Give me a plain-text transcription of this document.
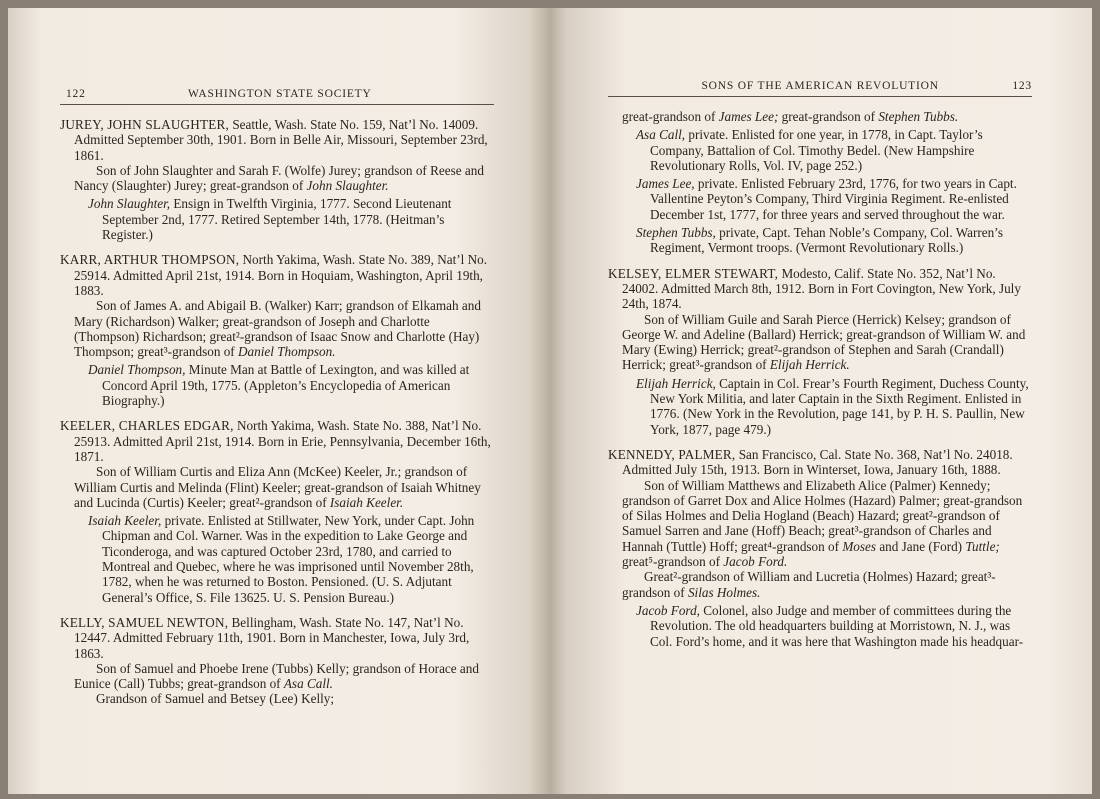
122	WASHINGTON STATE SOCIETY

JUREY, JOHN SLAUGHTER, Seattle, Wash. State No. 159, Nat’l No. 14009. Admitted September 30th, 1901. Born in Belle Air, Missouri, September 23rd, 1861.

Son of John Slaughter and Sarah F. (Wolfe) Jurey; grandson of Reese and Nancy (Slaughter) Jurey; great-grandson of John Slaughter.

John Slaughter, Ensign in Twelfth Virginia, 1777. Second Lieutenant September 2nd, 1777. Retired September 14th, 1778. (Heitman’s Register.)

KARR, ARTHUR THOMPSON, North Yakima, Wash. State No. 389, Nat’l No. 25914. Admitted April 21st, 1914. Born in Hoquiam, Washington, April 19th, 1883.

Son of James A. and Abigail B. (Walker) Karr; grandson of Elkamah and Mary (Richardson) Walker; great-grandson of Joseph and Charlotte (Thompson) Richardson; great²-grandson of Isaac Snow and Charlotte (Hay) Thompson; great³-grandson of Daniel Thompson.

Daniel Thompson, Minute Man at Battle of Lexington, and was killed at Concord April 19th, 1775. (Appleton’s Encyclopedia of American Biography.)

KEELER, CHARLES EDGAR, North Yakima, Wash. State No. 388, Nat’l No. 25913. Admitted April 21st, 1914. Born in Erie, Pennsylvania, December 16th, 1871.

Son of William Curtis and Eliza Ann (McKee) Keeler, Jr.; grandson of William Curtis and Melinda (Flint) Keeler; great-grandson of Isaiah Whitney and Lucinda (Curtis) Keeler; great²-grandson of Isaiah Keeler.

Isaiah Keeler, private. Enlisted at Stillwater, New York, under Capt. John Chipman and Col. Warner. Was in the expedition to Lake George and Ticonderoga, and was captured October 23rd, 1780, and carried to Montreal and Quebec, where he was imprisoned until November 28th, 1782, when he was returned to Boston. Pensioned. (U. S. Adjutant General’s Office, S. File 13625. U. S. Pension Bureau.)

KELLY, SAMUEL NEWTON, Bellingham, Wash. State No. 147, Nat’l No. 12447. Admitted February 11th, 1901. Born in Manchester, Iowa, July 3rd, 1863.

Son of Samuel and Phoebe Irene (Tubbs) Kelly; grandson of Horace and Eunice (Call) Tubbs; great-grandson of Asa Call.

Grandson of Samuel and Betsey (Lee) Kelly;

SONS OF THE AMERICAN REVOLUTION	123

great-grandson of James Lee; great-grandson of Stephen Tubbs.

Asa Call, private. Enlisted for one year, in 1778, in Capt. Taylor’s Company, Battalion of Col. Timothy Bedel. (New Hampshire Revolutionary Rolls, Vol. IV, page 252.)

James Lee, private. Enlisted February 23rd, 1776, for two years in Capt. Vallentine Peyton’s Company, Third Virginia Regiment. Re-enlisted December 1st, 1777, for three years and served throughout the war.

Stephen Tubbs, private, Capt. Tehan Noble’s Company, Col. Warren’s Regiment, Vermont troops. (Vermont Revolutionary Rolls.)

KELSEY, ELMER STEWART, Modesto, Calif. State No. 352, Nat’l No. 24002. Admitted March 8th, 1912. Born in Fort Covington, New York, July 24th, 1874.

Son of William Guile and Sarah Pierce (Herrick) Kelsey; grandson of George W. and Adeline (Ballard) Herrick; great-grandson of William W. and Mary (Ewing) Herrick; great²-grandson of Stephen and Sarah (Crandall) Herrick; great³-grandson of Elijah Herrick.

Elijah Herrick, Captain in Col. Frear’s Fourth Regiment, Duchess County, New York Militia, and later Captain in the Sixth Regiment. Enlisted in 1776. (New York in the Revolution, page 141, by P. H. S. Paullin, New York, 1877, page 479.)

KENNEDY, PALMER, San Francisco, Cal. State No. 368, Nat’l No. 24018. Admitted July 15th, 1913. Born in Winterset, Iowa, January 16th, 1888.

Son of William Matthews and Elizabeth Alice (Palmer) Kennedy; grandson of Garret Dox and Alice Holmes (Hazard) Palmer; great-grandson of Silas Holmes and Delia Hogland (Beach) Hazard; great²-grandson of Samuel Sarren and Jane (Hoff) Beach; great³-grandson of Charles and Hannah (Tuttle) Hoff; great⁴-grandson of Moses and Jane (Ford) Tuttle; great⁵-grandson of Jacob Ford.

Great²-grandson of William and Lucretia (Holmes) Hazard; great³-grandson of Silas Holmes.

Jacob Ford, Colonel, also Judge and member of committees during the Revolution. The old headquarters building at Morristown, N. J., was Col. Ford’s home, and it was here that Washington made his headquar-
